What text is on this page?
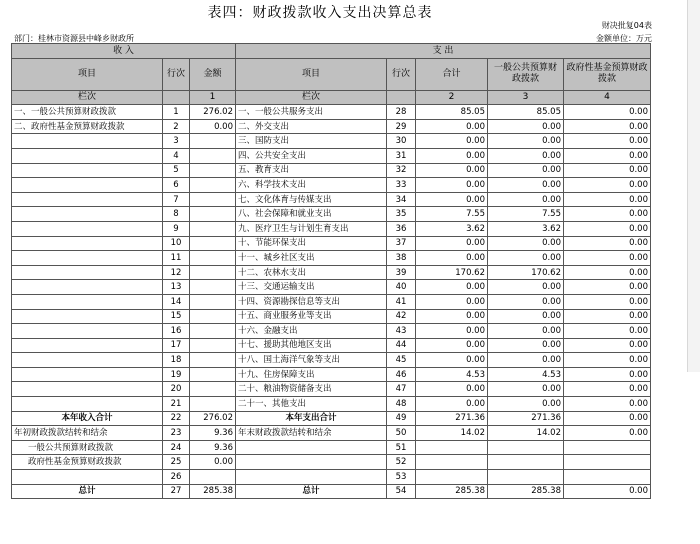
表四：财政拨款收入支出决算总表
财决批复04表
部门：桂林市资源县中峰乡财政所	金额单位：万元
收 入			支 出				
项目	行次	金额	项目	行次	合计	一般公共预算财政拨款	政府性基金预算财政拨款
栏次		1	栏次		2	3	4
一、一般公共预算财政拨款	1	276.02	一、一般公共服务支出	28	85.05	85.05	0.00
二、政府性基金预算财政拨款	2	0.00	二、外交支出	29	0.00	0.00	0.00
	3		三、国防支出	30	0.00	0.00	0.00
	4		四、公共安全支出	31	0.00	0.00	0.00
	5		五、教育支出	32	0.00	0.00	0.00
	6		六、科学技术支出	33	0.00	0.00	0.00
	7		七、文化体育与传媒支出	34	0.00	0.00	0.00
	8		八、社会保障和就业支出	35	7.55	7.55	0.00
	9		九、医疗卫生与计划生育支出	36	3.62	3.62	0.00
	10		十、节能环保支出	37	0.00	0.00	0.00
	11		十一、城乡社区支出	38	0.00	0.00	0.00
	12		十二、农林水支出	39	170.62	170.62	0.00
	13		十三、交通运输支出	40	0.00	0.00	0.00
	14		十四、资源勘探信息等支出	41	0.00	0.00	0.00
	15		十五、商业服务业等支出	42	0.00	0.00	0.00
	16		十六、金融支出	43	0.00	0.00	0.00
	17		十七、援助其他地区支出	44	0.00	0.00	0.00
	18		十八、国土海洋气象等支出	45	0.00	0.00	0.00
	19		十九、住房保障支出	46	4.53	4.53	0.00
	20		二十、粮油物资储备支出	47	0.00	0.00	0.00
	21		二十一、其他支出	48	0.00	0.00	0.00
本年收入合计	22	276.02	本年支出合计	49	271.36	271.36	0.00
年初财政拨款结转和结余	23	9.36	年末财政拨款结转和结余	50	14.02	14.02	0.00
一般公共预算财政拨款	24	9.36		51			
政府性基金预算财政拨款	25	0.00		52			
	26			53			
总计	27	285.38	总计	54	285.38	285.38	0.00
